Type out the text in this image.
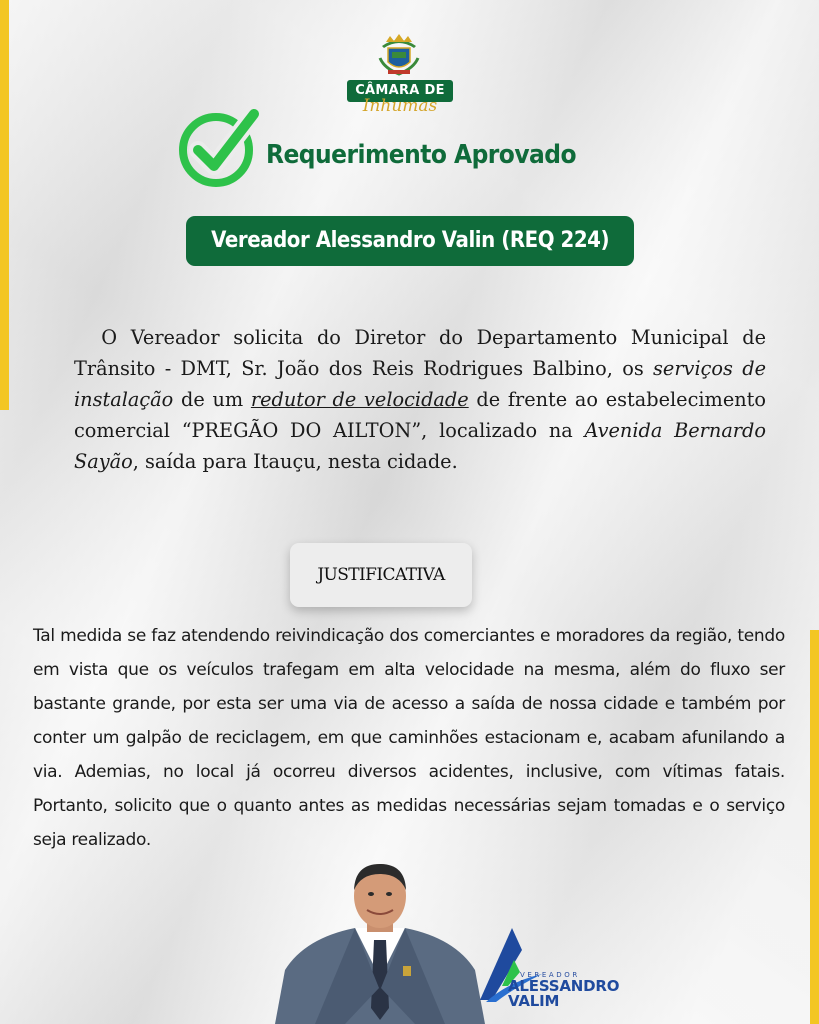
CÂMARA DE
Inhumas
Requerimento Aprovado
Vereador Alessandro Valin (REQ 224)
O Vereador solicita do Diretor do Departamento Municipal de Trânsito - DMT, Sr. João dos Reis Rodrigues Balbino, os serviços de instalação de um redutor de velocidade de frente ao estabelecimento comercial “PREGÃO DO AILTON”, localizado na Avenida Bernardo Sayão, saída para Itauçu, nesta cidade.
JUSTIFICATIVA
Tal medida se faz atendendo reivindicação dos comerciantes e moradores da região, tendo em vista que os veículos trafegam em alta velocidade na mesma, além do fluxo ser bastante grande, por esta ser uma via de acesso a saída de nossa cidade e também por conter um galpão de reciclagem, em que caminhões estacionam e, acabam afunilando a via. Ademias, no local já ocorreu diversos acidentes, inclusive, com vítimas fatais. Portanto, solicito que o quanto antes as medidas necessárias sejam tomadas e o serviço seja realizado.
VEREADOR
ALESSANDRO
VALIM
